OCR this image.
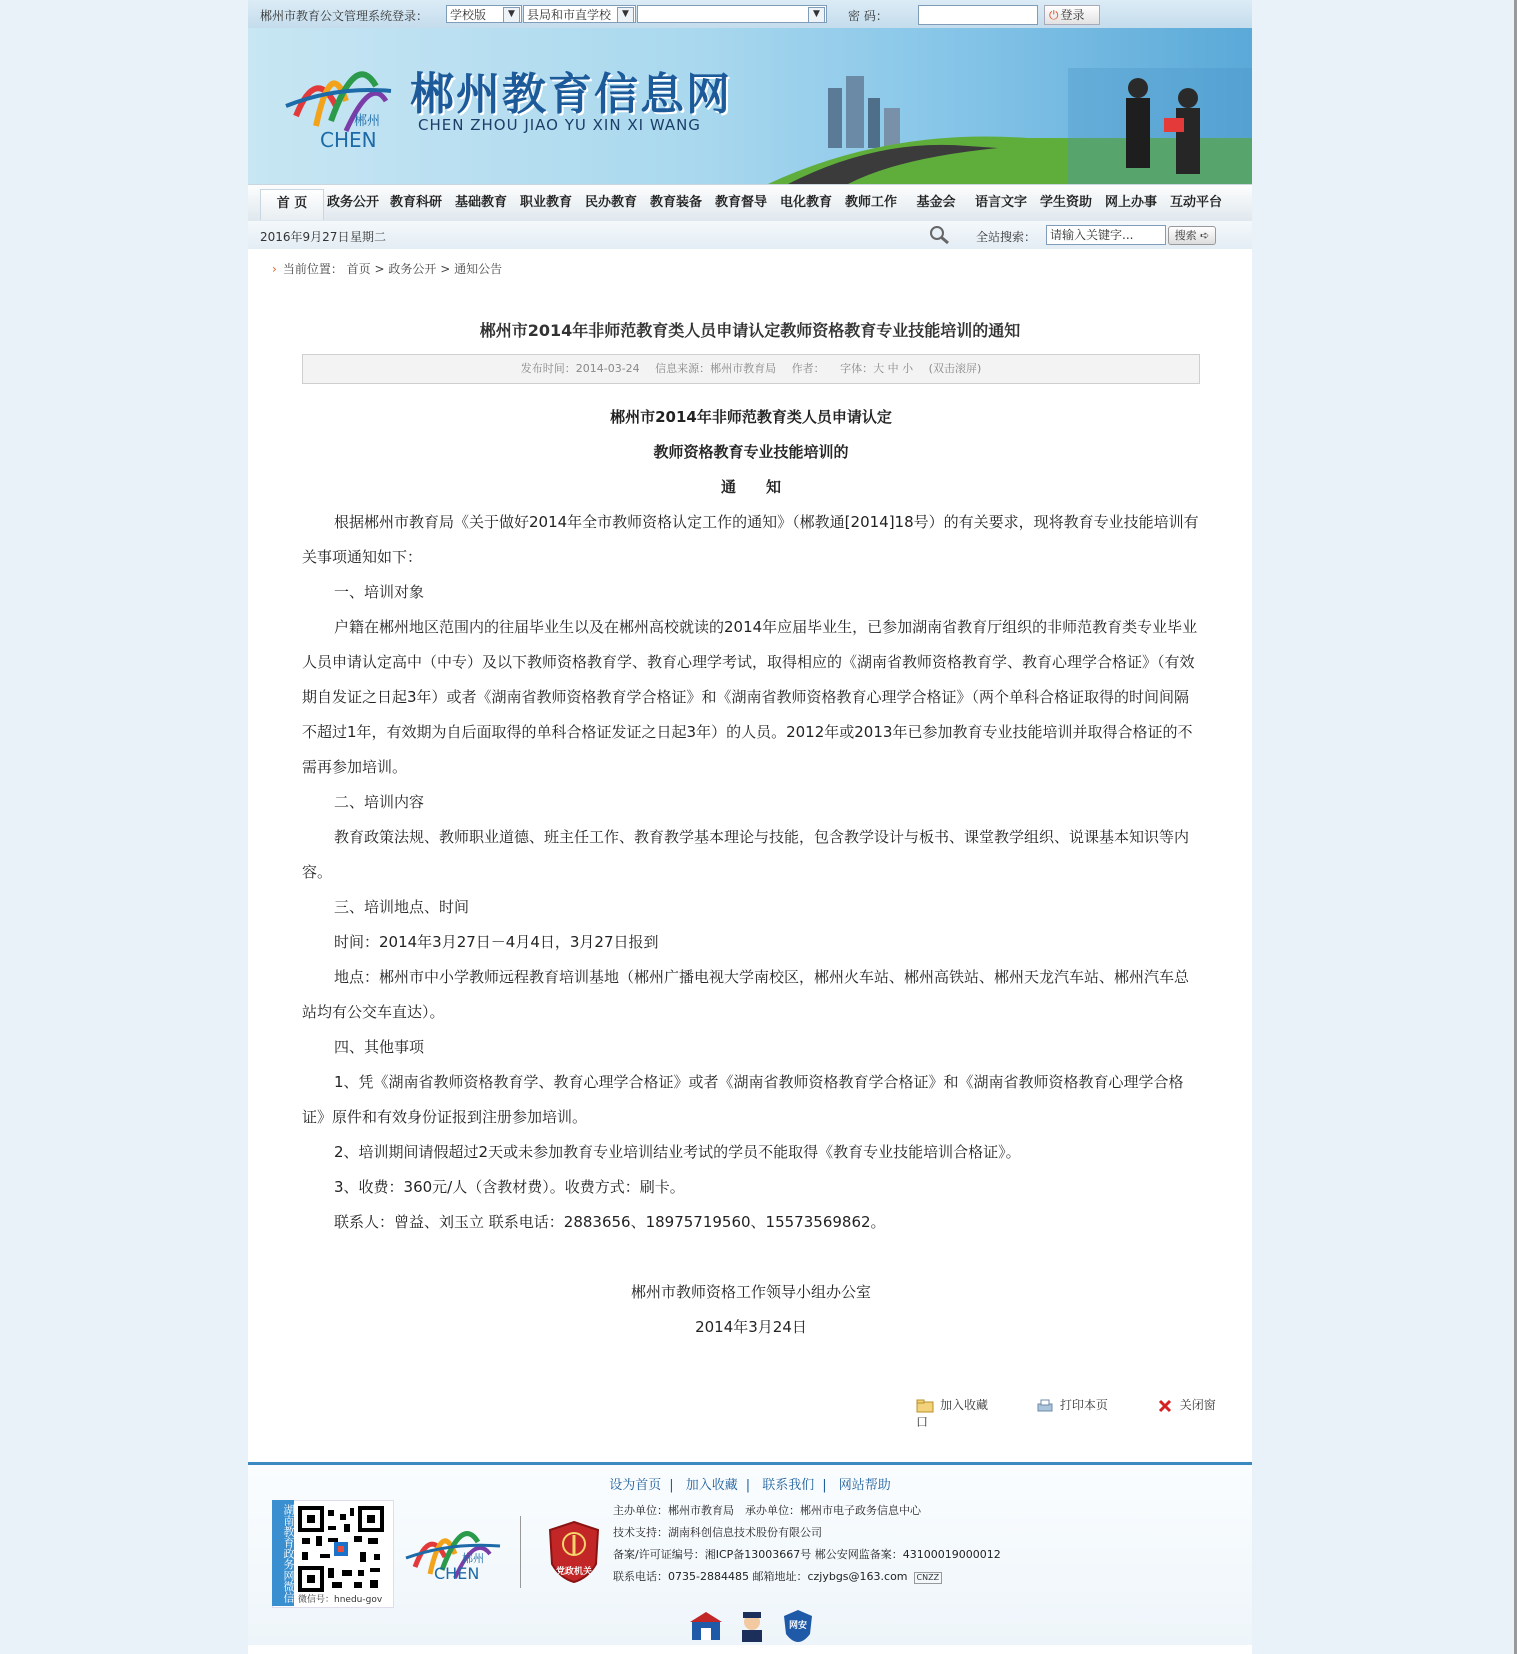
郴州市教育公文管理系统登录：	学校版	▼	县局和市直学校	▼	▼	密 码：	⏻ 登录
郴州
CHEN
郴州教育信息网
CHEN ZHOU JIAO YU XIN XI WANG
首 页	政务公开 教育科研 基础教育 职业教育 民办教育 教育装备 教育督导 电化教育 教师工作	基金会	语言文字 学生资助 网上办事 互动平台
2016年9月27日 星期二	全站搜索：	请输入关键字...	搜索 ➪
› 当前位置： 首页 > 政务公开 > 通知公告
郴州市2014年非师范教育类人员申请认定教师资格教育专业技能培训的通知
发布时间：2014-03-24 信息来源：郴州市教育局 作者： 字体：大 中 小 (双击滚屏)
郴州市2014年非师范教育类人员申请认定
教师资格教育专业技能培训的
通　　知

根据郴州市教育局《关于做好2014年全市教师资格认定工作的通知》（郴教通[2014]18号）的有关要求，现将教育专业技能培训有关事项通知如下：

一、培训对象

户籍在郴州地区范围内的往届毕业生以及在郴州高校就读的2014年应届毕业生，已参加湖南省教育厅组织的非师范教育类专业毕业人员申请认定高中（中专）及以下教师资格教育学、教育心理学考试，取得相应的《湖南省教师资格教育学、教育心理学合格证》（有效期自发证之日起3年）或者《湖南省教师资格教育学合格证》和《湖南省教师资格教育心理学合格证》（两个单科合格证取得的时间间隔不超过1年，有效期为自后面取得的单科合格证发证之日起3年）的人员。2012年或2013年已参加教育专业技能培训并取得合格证的不需再参加培训。

二、培训内容

教育政策法规、教师职业道德、班主任工作、教育教学基本理论与技能，包含教学设计与板书、课堂教学组织、说课基本知识等内容。

三、培训地点、时间

时间：2014年3月27日－4月4日，3月27日报到

地点：郴州市中小学教师远程教育培训基地（郴州广播电视大学南校区，郴州火车站、郴州高铁站、郴州天龙汽车站、郴州汽车总站均有公交车直达）。

四、其他事项

1、凭《湖南省教师资格教育学、教育心理学合格证》或者《湖南省教师资格教育学合格证》和《湖南省教师资格教育心理学合格证》原件和有效身份证报到注册参加培训。

2、培训期间请假超过2天或未参加教育专业培训结业考试的学员不能取得《教育专业技能培训合格证》。

3、收费：360元/人（含教材费）。收费方式：刷卡。

联系人：曾益、刘玉立 联系电话：2883656、18975719560、15573569862。

郴州市教师资格工作领导小组办公室

2014年3月24日

加入收藏	打印本页	关闭窗口
设为首页 | 加入收藏 | 联系我们 | 网站帮助
湖南教育政务网微信 微信号：hnedu-gov
郴州
CHEN	党政机关
主办单位：郴州市教育局　承办单位：郴州市电子政务信息中心
技术支持：湖南科创信息技术股份有限公司
备案/许可证编号：湘ICP备13003667号 郴公安网监备案：43100019000012
联系电话：0735-2884485 邮箱地址：czjybgs@163.com CNZZ
网安
